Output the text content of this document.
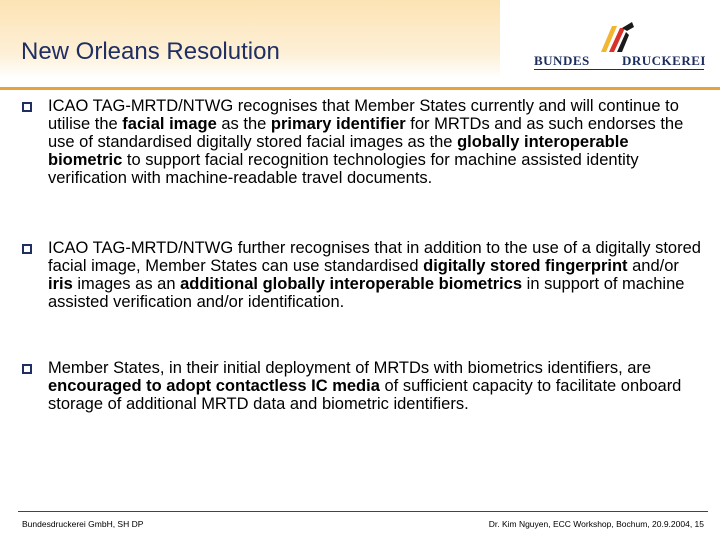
New Orleans Resolution	BUNDES DRUCKEREI
ICAO TAG-MRTD/NTWG recognises that Member States currently and will continue to utilise the facial image as the primary identifier for MRTDs and as such endorses the use of standardised digitally stored facial images as the globally interoperable biometric to support facial recognition technologies for machine assisted identity verification with machine-readable travel documents.
ICAO TAG-MRTD/NTWG further recognises that in addition to the use of a digitally stored facial image, Member States can use standardised digitally stored fingerprint and/or iris images as an additional globally interoperable biometrics in support of machine assisted verification and/or identification.
Member States, in their initial deployment of MRTDs with biometrics identifiers, are encouraged to adopt contactless IC media of sufficient capacity to facilitate onboard storage of additional MRTD data and biometric identifiers.
Bundesdruckerei GmbH, SH DP	Dr. Kim Nguyen, ECC Workshop, Bochum, 20.9.2004, 15
